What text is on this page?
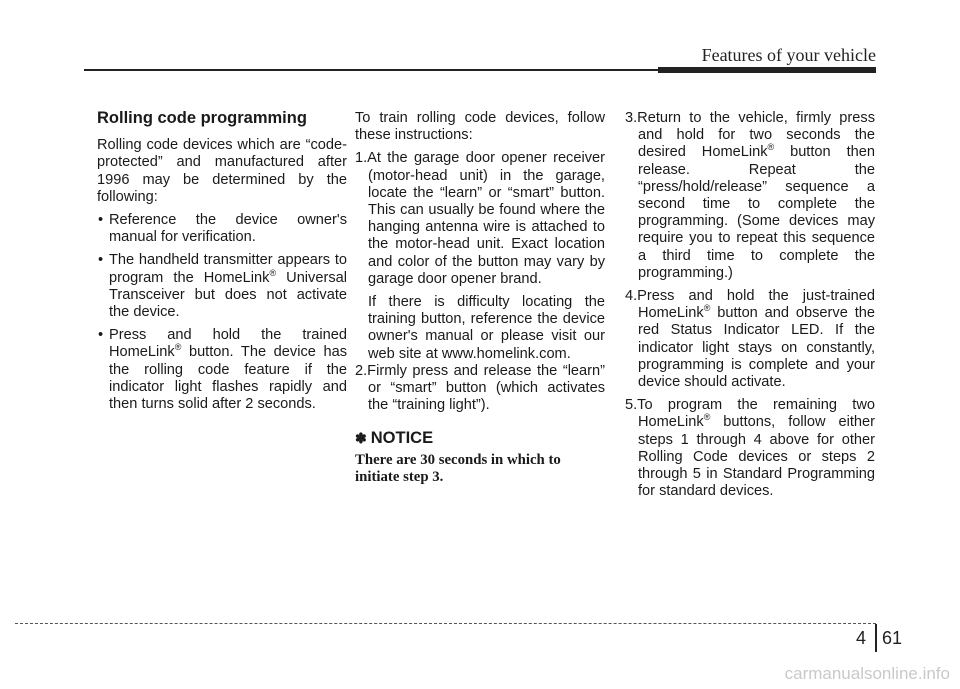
Features of your vehicle
Rolling code programming

Rolling code devices which are “code-protected” and manufactured after 1996 may be determined by the following:

• Reference the device owner's manual for verification.
• The handheld transmitter appears to program the HomeLink® Universal Transceiver but does not activate the device.
• Press and hold the trained HomeLink® button. The device has the rolling code feature if the indicator light flashes rapidly and then turns solid after 2 seconds.

To train rolling code devices, follow these instructions:

1.At the garage door opener receiver (motor-head unit) in the garage, locate the “learn” or “smart” button. This can usually be found where the hanging antenna wire is attached to the motor-head unit. Exact location and color of the button may vary by garage door opener brand.

If there is difficulty locating the training button, reference the device owner's manual or please visit our web site at www.homelink.com.

2.Firmly press and release the “learn” or “smart” button (which activates the “training light”).
✽ NOTICE

There are 30 seconds in which to initiate step 3.

3.Return to the vehicle, firmly press and hold for two seconds the desired HomeLink® button then release. Repeat the “press/hold/release” sequence a second time to complete the programming. (Some devices may require you to repeat this sequence a third time to complete the programming.)
4.Press and hold the just-trained HomeLink® button and observe the red Status Indicator LED. If the indicator light stays on constantly, programming is complete and your device should activate.
5.To program the remaining two HomeLink® buttons, follow either steps 1 through 4 above for other Rolling Code devices or steps 2 through 5 in Standard Programming for standard devices.
4 61
carmanualsonline.info
